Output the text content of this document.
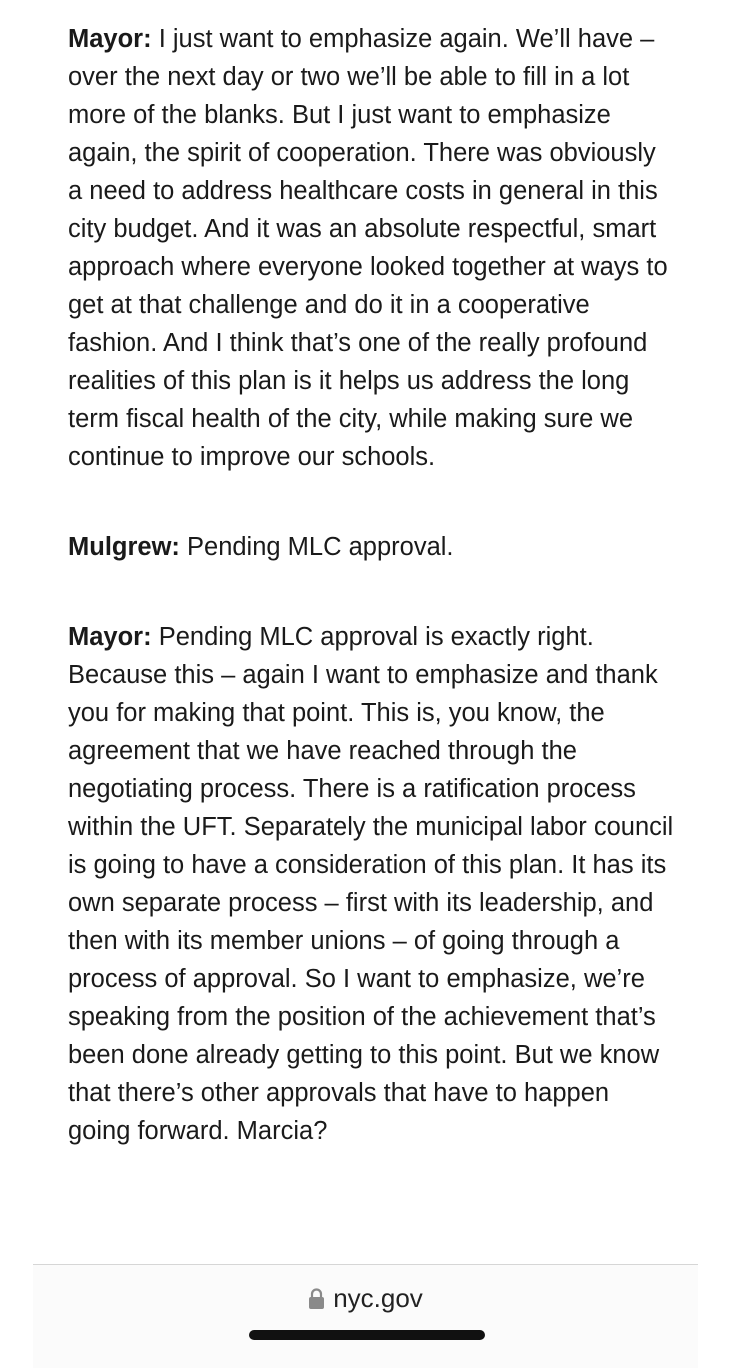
Mayor: I just want to emphasize again. We’ll have – over the next day or two we’ll be able to fill in a lot more of the blanks. But I just want to emphasize again, the spirit of cooperation. There was obviously a need to address healthcare costs in general in this city budget. And it was an absolute respectful, smart approach where everyone looked together at ways to get at that challenge and do it in a cooperative fashion. And I think that’s one of the really profound realities of this plan is it helps us address the long term fiscal health of the city, while making sure we continue to improve our schools.

Mulgrew: Pending MLC approval.

Mayor: Pending MLC approval is exactly right. Because this – again I want to emphasize and thank you for making that point. This is, you know, the agreement that we have reached through the negotiating process. There is a ratification process within the UFT. Separately the municipal labor council is going to have a consideration of this plan. It has its own separate process – first with its leadership, and then with its member unions – of going through a process of approval. So I want to emphasize, we’re speaking from the position of the achievement that’s been done already getting to this point. But we know that there’s other approvals that have to happen going forward. Marcia?

nyc.gov
